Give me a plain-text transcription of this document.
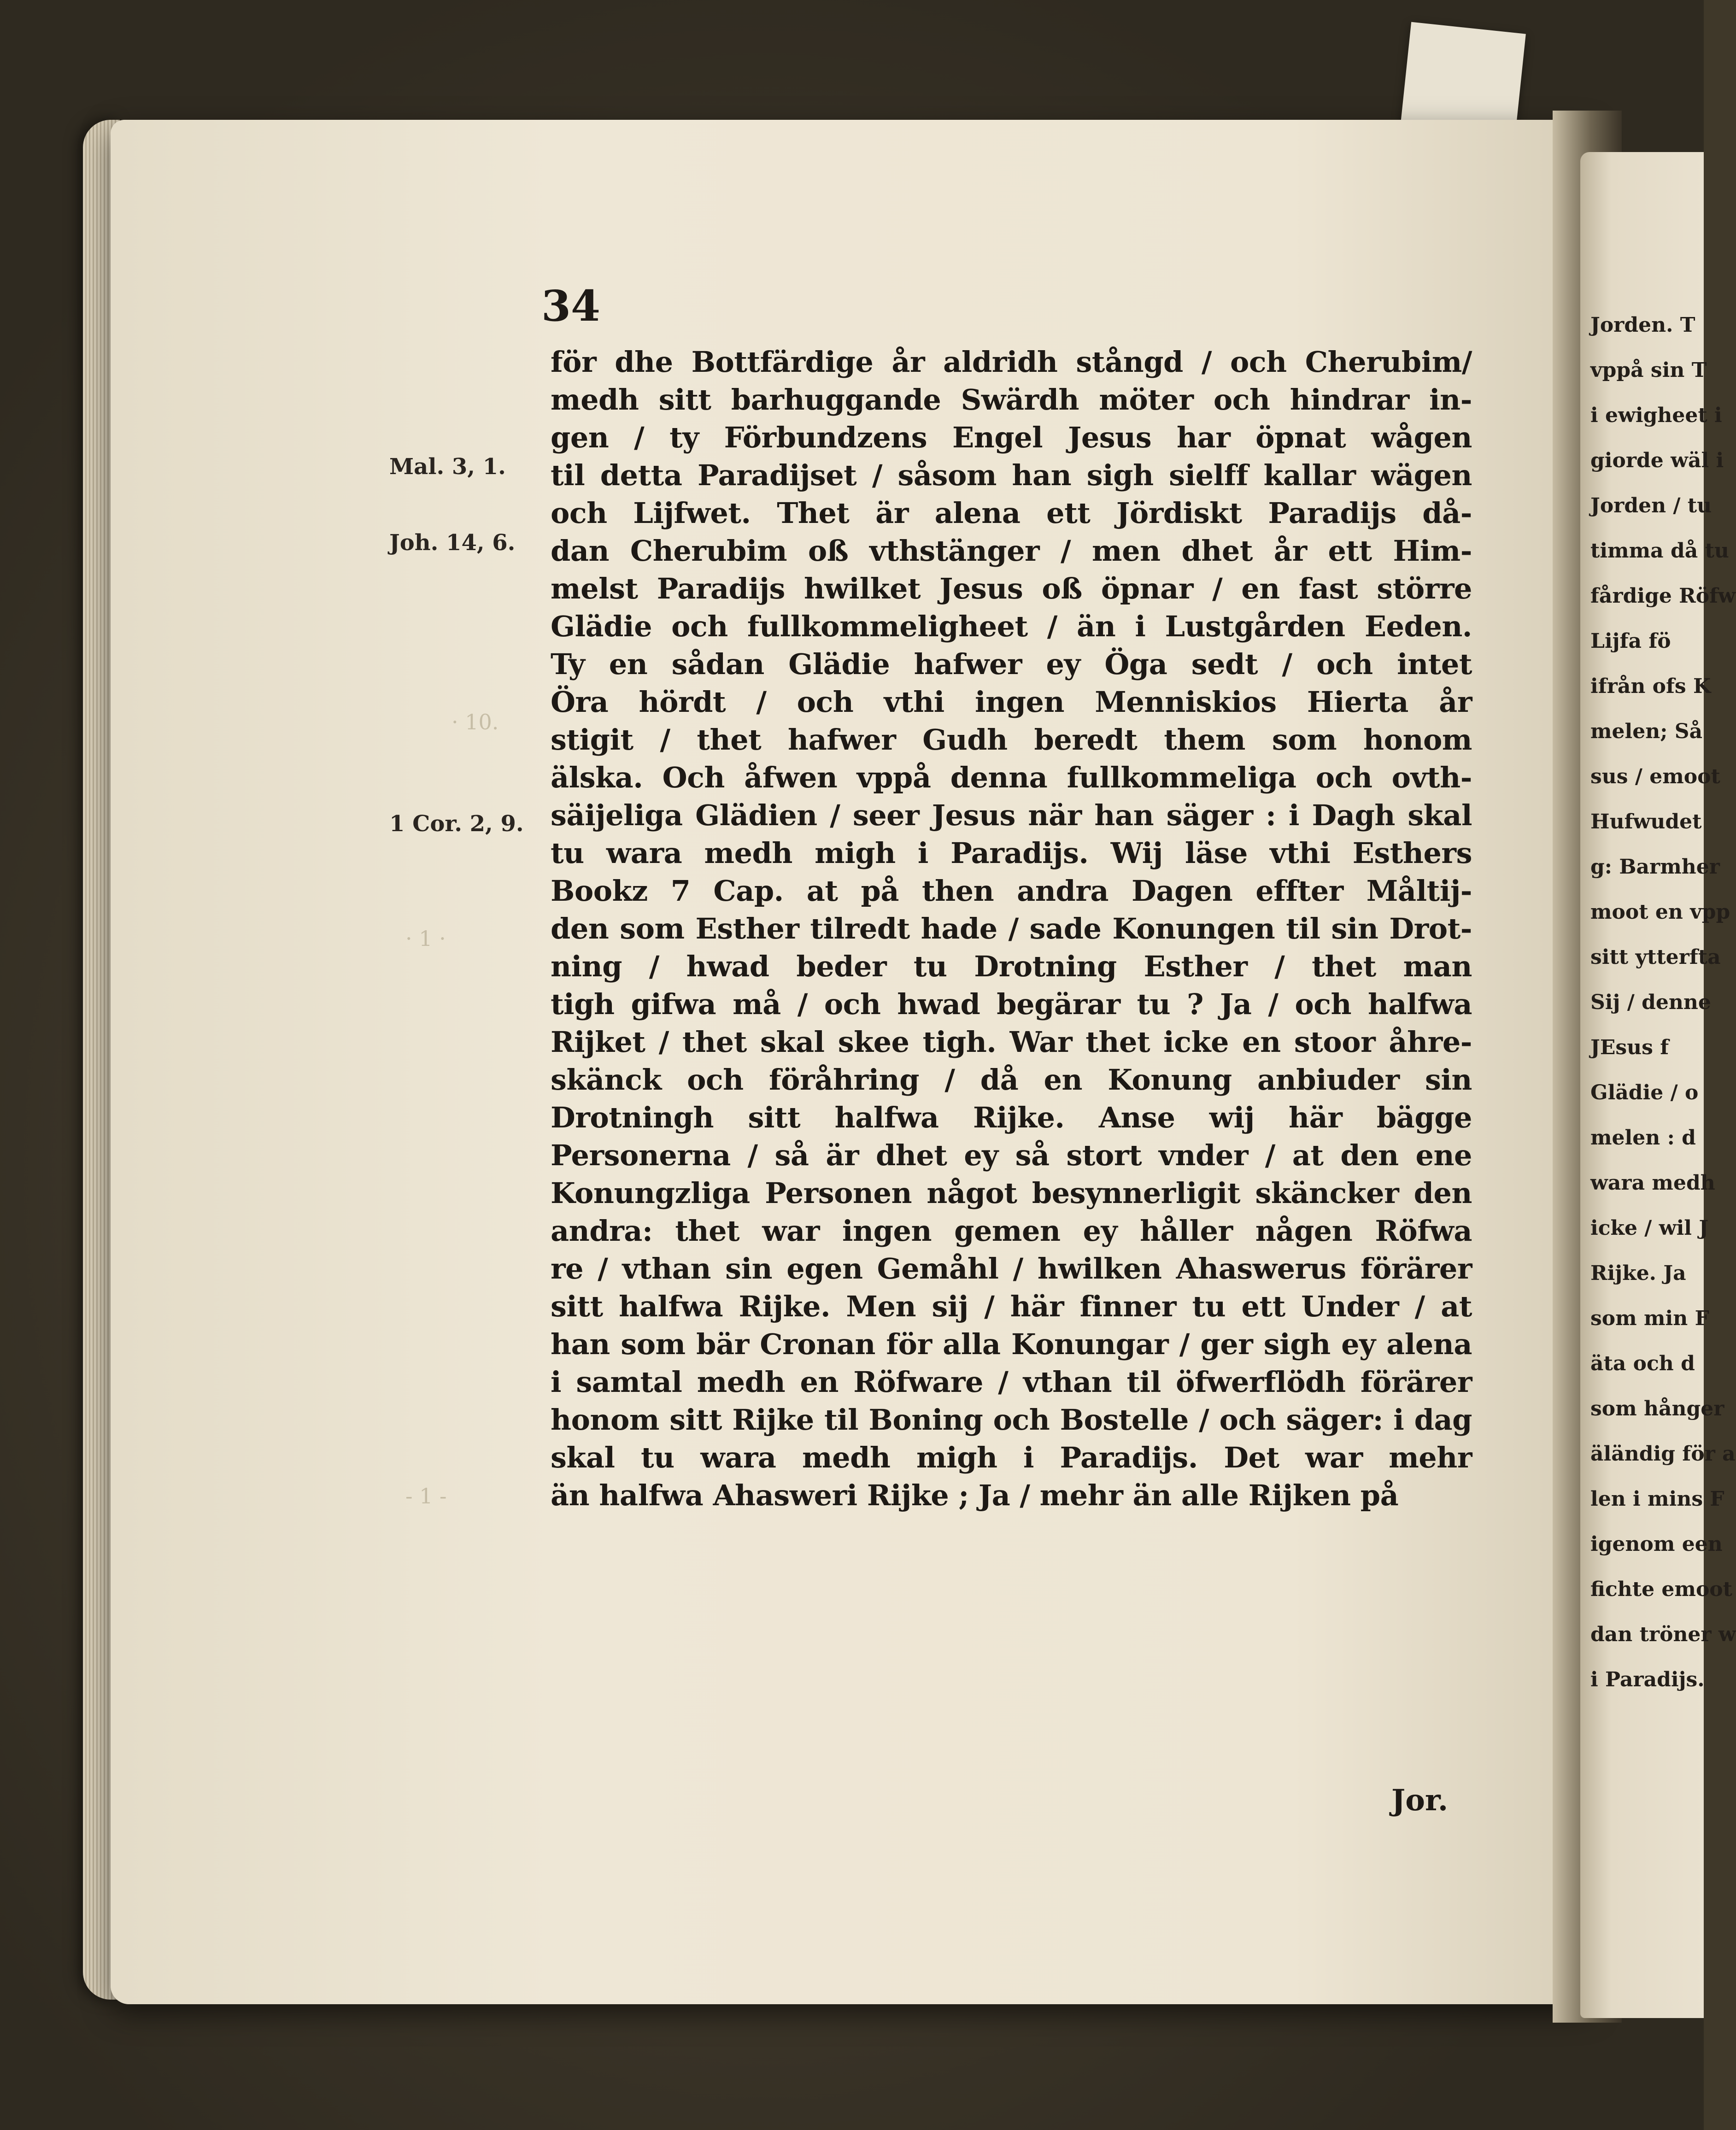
· 10.
· 1 ·
- 1 -
34
Mal. 3, 1.
Joh. 14, 6.
1 Cor. 2, 9.
för dhe Bottfärdige år aldridh stångd / och Cherubim/
medh sitt barhuggande Swärdh möter och hindrar in-
gen / ty Förbundzens Engel Jesus har öpnat wågen
til detta Paradijset / såsom han sigh sielff kallar wägen
och Lijfwet. Thet är alena ett Jördiskt Paradijs då-
dan Cherubim oß vthstänger / men dhet år ett Him-
melst Paradijs hwilket Jesus oß öpnar / en fast större
Glädie och fullkommeligheet / än i Lustgården Eeden.
Ty en sådan Glädie hafwer ey Öga sedt / och intet
Öra hördt / och vthi ingen Menniskios Hierta år
stigit / thet hafwer Gudh beredt them som honom
älska. Och åfwen vppå denna fullkommeliga och ovth-
säijeliga Glädien / seer Jesus när han säger : i Dagh skal
tu wara medh migh i Paradijs. Wij läse vthi Esthers
Bookz 7 Cap. at på then andra Dagen effter Måltij-
den som Esther tilredt hade / sade Konungen til sin Drot-
ning / hwad beder tu Drotning Esther / thet man
tigh gifwa må / och hwad begärar tu ? Ja / och halfwa
Rijket / thet skal skee tigh. War thet icke en stoor åhre-
skänck och föråhring / då en Konung anbiuder sin
Drotningh sitt halfwa Rijke. Anse wij här bägge
Personerna / så är dhet ey så stort vnder / at den ene
Konungzliga Personen något besynnerligit skäncker den
andra: thet war ingen gemen ey håller någen Röfwa
re / vthan sin egen Gemåhl / hwilken Ahaswerus förärer
sitt halfwa Rijke. Men sij / här finner tu ett Under / at
han som bär Cronan för alla Konungar / ger sigh ey alena
i samtal medh en Röfware / vthan til öfwerflödh förärer
honom sitt Rijke til Boning och Bostelle / och säger: i dag
skal tu wara medh migh i Paradijs. Det war mehr
än halfwa Ahasweri Rijke ; Ja / mehr än alle Rijken på
Jor.
Jorden. T
vppå sin T
i ewigheet i
giorde wäl i
Jorden / tu
timma då tu
fårdige Röfw
Lijfa fö
ifrån ofs K
melen; Så
sus / emoot
Hufwudet
g: Barmher
moot en vpp
sitt ytterfta
Sij / denne
JEsus f
Glädie / o
melen : d
wara medh
icke / wil J
Rijke. Ja
som min F
äta och d
som hånger
äländig för a
len i mins F
igenom een
fichte emoot
dan tröner w
i Paradijs.
